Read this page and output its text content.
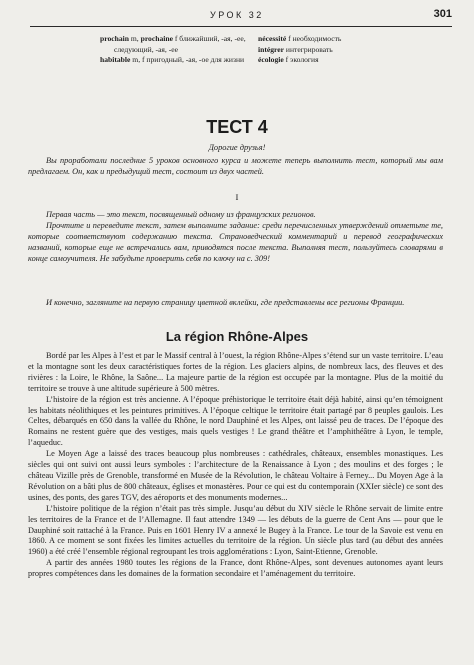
УРОК 32	301
prochain m, prochaine f ближайший, -ая, -ее,
следующий, -ая, -ее
habitable m, f пригодный, -ая, -ое для жизни
nécessité f необходимость
intégrer интегрировать
écologie f экология
ТЕСТ 4
Дорогие друзья!
Вы проработали последние 5 уроков основного курса и можете теперь выполнить тест, который мы вам предлагаем. Он, как и предыдущий тест, состоит из двух частей.
I
Первая часть — это текст, посвященный одному из французских регионов.
Прочтите и переведите текст, затем выполните задание: среди перечисленных утверждений отметьте те, которые соответствуют содержанию текста. Страноведческий комментарий и перевод географических названий, которые еще не встречались вам, приводятся после текста. Выполняя тест, пользуйтесь словарями в конце самоучителя. Не забудьте проверить себя по ключу на с. 309!
И конечно, загляните на первую страницу цветной вклейки, где представлены все регионы Франции.
La région Rhône-Alpes

Bordé par les Alpes à l’est et par le Massif central à l’ouest, la région Rhône-Alpes s’étend sur un vaste territoire. L’eau et la montagne sont les deux caractéristiques fortes de la région. Les glaciers alpins, de nombreux lacs, des fleuves et des rivières : la Loire, le Rhône, la Saône... La majeure partie de la région est occupée par la montagne. Plus de la moitié du territoire se trouve à une altitude supérieure à 500 mètres.

L’histoire de la région est très ancienne. A l’époque préhistorique le territoire était déjà habité, ainsi qu’en témoignent les habitats néolithiques et les peintures primitives. A l’époque celtique le territoire était partagé par 8 peuples gaulois. Les Celtes, débarqués en 650 dans la vallée du Rhône, le nord Dauphiné et les Alpes, ont laissé peu de traces. De l’époque des Romains ne restent guère que des vestiges, mais quels vestiges ! Le grand théâtre et l’amphithéâtre à Lyon, le temple, l’aqueduc.

Le Moyen Age a laissé des traces beaucoup plus nombreuses : cathédrales, châteaux, ensembles monastiques. Les siècles qui ont suivi ont aussi leurs symboles : l’architecture de la Renaissance à Lyon ; des moulins et des forges ; le château Vizille près de Grenoble, transformé en Musée de la Révolution, le château Voltaire à Ferney... Du Moyen Age à la Révolution on a bâti plus de 800 châteaux, églises et monastères. Pour ce qui est du contemporain (XXIer siècle) ce sont des usines, des ponts, des gares TGV, des aéroports et des monuments modernes...

L’histoire politique de la région n’était pas très simple. Jusqu’au début du XIV siècle le Rhône servait de limite entre les territoires de la France et de l’Allemagne. Il faut attendre 1349 — les débuts de la guerre de Cent Ans — pour que le Dauphiné soit rattaché à la France. Puis en 1601 Henry IV a annexé le Bugey à la France. Le tour de la Savoie est venu en 1860. A ce moment se sont fixées les limites actuelles du territoire de la région. Un siècle plus tard (au début des années 1960) a été créé l’ensemble régional regroupant les trois agglomérations : Lyon, Saint-Etienne, Grenoble.

A partir des années 1980 toutes les régions de la France, dont Rhône-Alpes, sont devenues autonomes ayant leurs propres compétences dans les domaines de la formation secondaire et l’aménagement du territoire.
